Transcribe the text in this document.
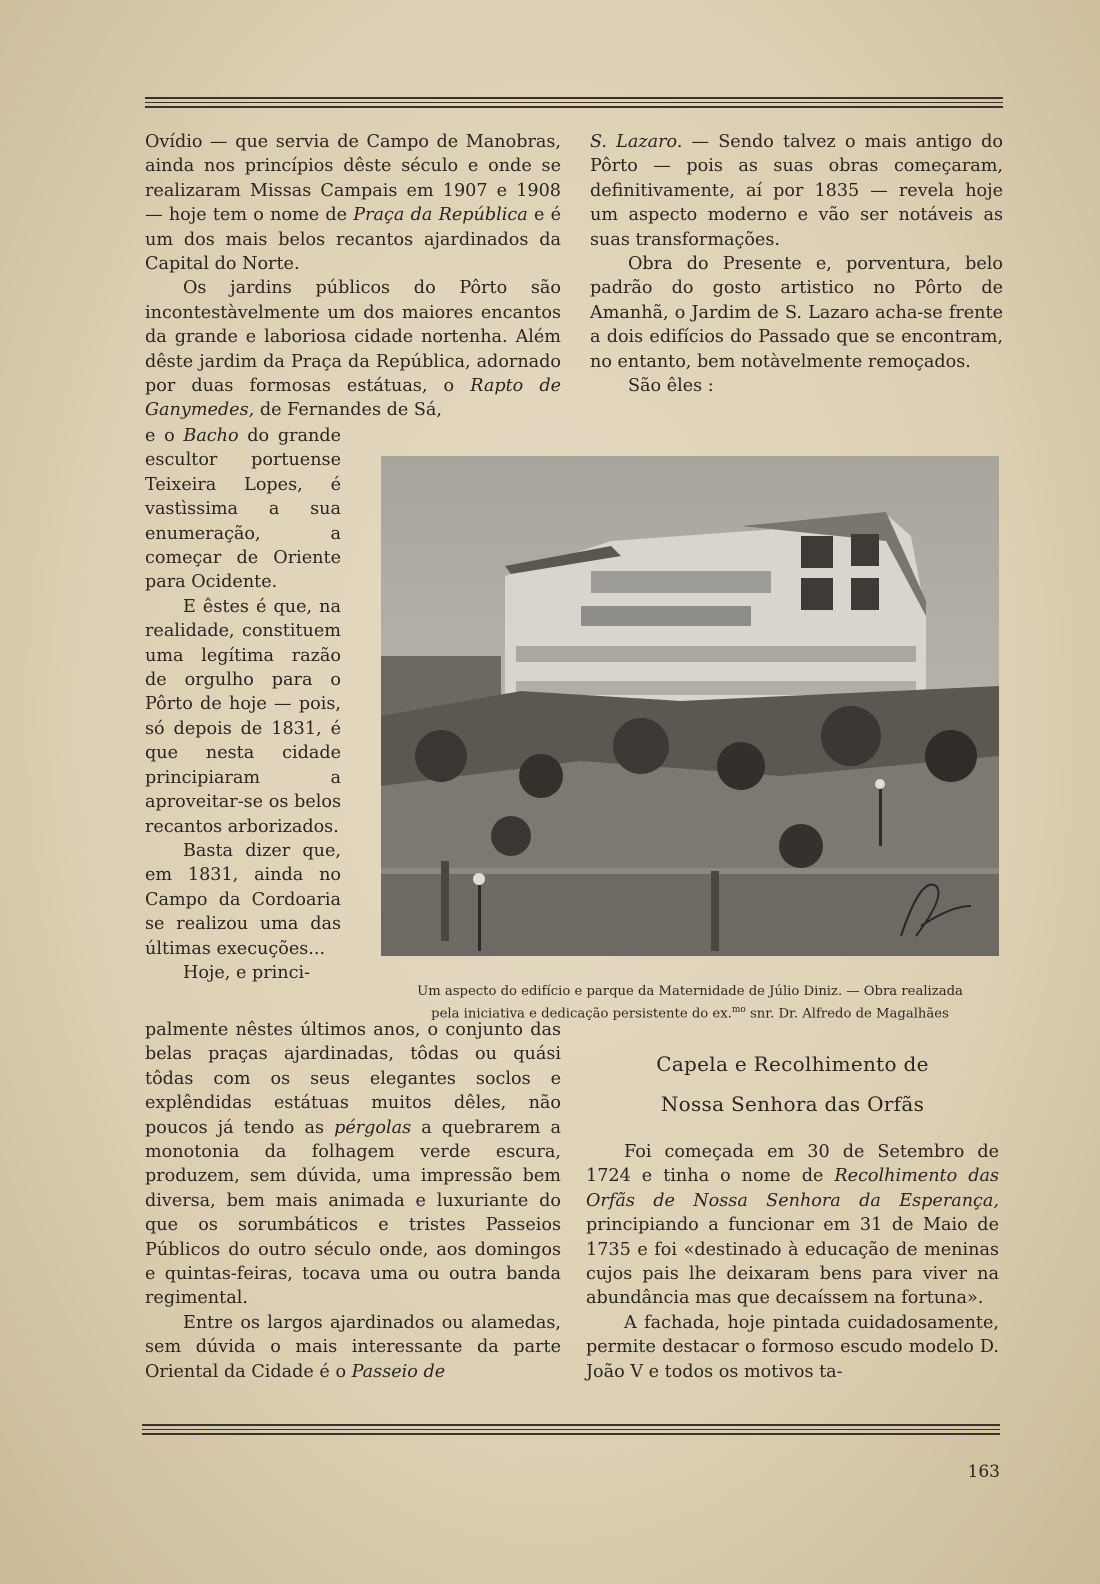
Ovídio — que servia de Campo de Manobras, ainda nos princípios dêste século e onde se realizaram Missas Campais em 1907 e 1908 — hoje tem o nome de Praça da República e é um dos mais belos recantos ajardinados da Capital do Norte.

Os jardins públicos do Pôrto são incontestàvelmente um dos maiores encantos da grande e laboriosa cidade nortenha. Além dêste jardim da Praça da República, adornado por duas formosas estátuas, o Rapto de Ganymedes, de Fernandes de Sá,

e o Bacho do grande escultor portuense Teixeira Lopes, é vastìssima a sua enumeração, a começar de Oriente para Ocidente.

E êstes é que, na realidade, constituem uma legítima razão de orgulho para o Pôrto de hoje — pois, só depois de 1831, é que nesta cidade principiaram a aproveitar-se os belos recantos arborizados.

Basta dizer que, em 1831, ainda no Campo da Cordoaria se realizou uma das últimas execuções...

Hoje, e princi-

palmente nêstes últimos anos, o conjunto das belas praças ajardinadas, tôdas ou quási tôdas com os seus elegantes soclos e explêndidas estátuas muitos dêles, não poucos já tendo as pérgolas a quebrarem a monotonia da folhagem verde escura, produzem, sem dúvida, uma impressão bem diversa, bem mais animada e luxuriante do que os sorumbáticos e tristes Passeios Públicos do outro século onde, aos domingos e quintas-feiras, tocava uma ou outra banda regimental.

Entre os largos ajardinados ou alamedas, sem dúvida o mais interessante da parte Oriental da Cidade é o Passeio de

S. Lazaro. — Sendo talvez o mais antigo do Pôrto — pois as suas obras começaram, definitivamente, aí por 1835 — revela hoje um aspecto moderno e vão ser notáveis as suas transformações.

Obra do Presente e, porventura, belo padrão do gosto artistico no Pôrto de Amanhã, o Jardim de S. Lazaro acha-se frente a dois edifícios do Passado que se encontram, no entanto, bem notàvelmente remoçados.

São êles :

Um aspecto do edifício e parque da Maternidade de Júlio Diniz. — Obra realizada
pela iniciativa e dedicação persistente do ex.$^{mo}$ snr. Dr. Alfredo de Magalhães
Capela e Recolhimento de
Nossa Senhora das Orfãs

Foi começada em 30 de Setembro de 1724 e tinha o nome de Recolhimento das Orfãs de Nossa Senhora da Esperança, principiando a funcionar em 31 de Maio de 1735 e foi «destinado à educação de meninas cujos pais lhe deixaram bens para viver na abundância mas que decaíssem na fortuna».

A fachada, hoje pintada cuidadosamente, permite destacar o formoso escudo modelo D. João V e todos os motivos ta-

163
